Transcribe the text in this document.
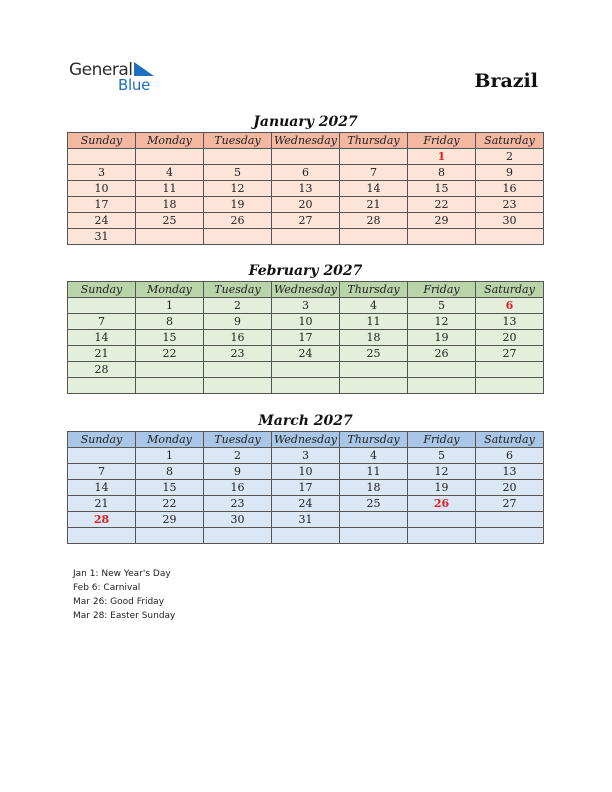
General
Blue	Brazil
January 2027
Sunday	Monday	Tuesday	Wednesday	Thursday	Friday	Saturday
					1	2
3	4	5	6	7	8	9
10	11	12	13	14	15	16
17	18	19	20	21	22	23
24	25	26	27	28	29	30
31						
February 2027
Sunday	Monday	Tuesday	Wednesday	Thursday	Friday	Saturday
	1	2	3	4	5	6
7	8	9	10	11	12	13
14	15	16	17	18	19	20
21	22	23	24	25	26	27
28						

March 2027
Sunday	Monday	Tuesday	Wednesday	Thursday	Friday	Saturday
	1	2	3	4	5	6
7	8	9	10	11	12	13
14	15	16	17	18	19	20
21	22	23	24	25	26	27
28	29	30	31			

Jan 1: New Year's Day
Feb 6: Carnival
Mar 26: Good Friday
Mar 28: Easter Sunday
